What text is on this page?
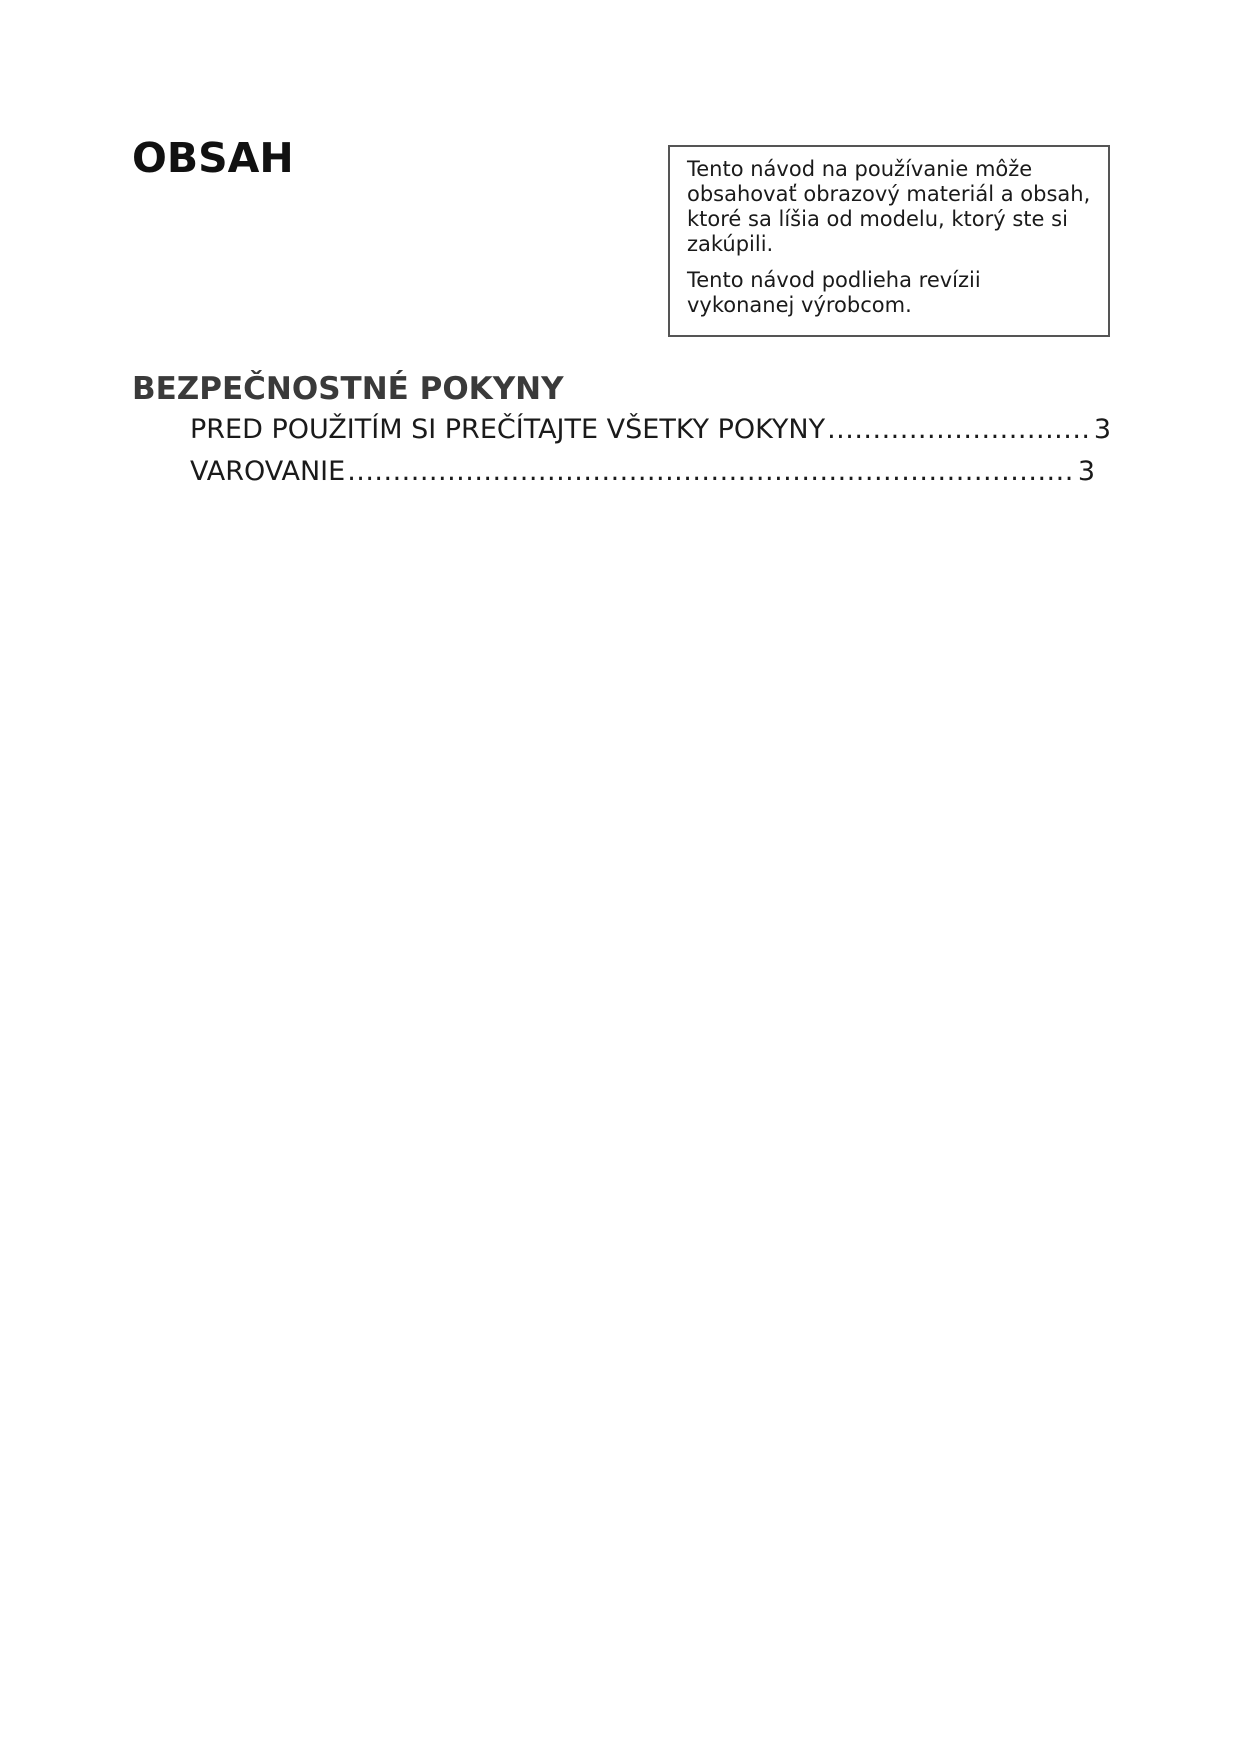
OBSAH	Tento návod na používanie môže obsahovať obrazový materiál a obsah, ktoré sa líšia od modelu, ktorý ste si zakúpili.

Tento návod podlieha revízii vykonanej výrobcom.

BEZPEČNOSTNÉ POKYNY
PRED POUŽITÍM SI PREČÍTAJTE VŠETKY POKYNY .....	3
VAROVANIE .....	3
